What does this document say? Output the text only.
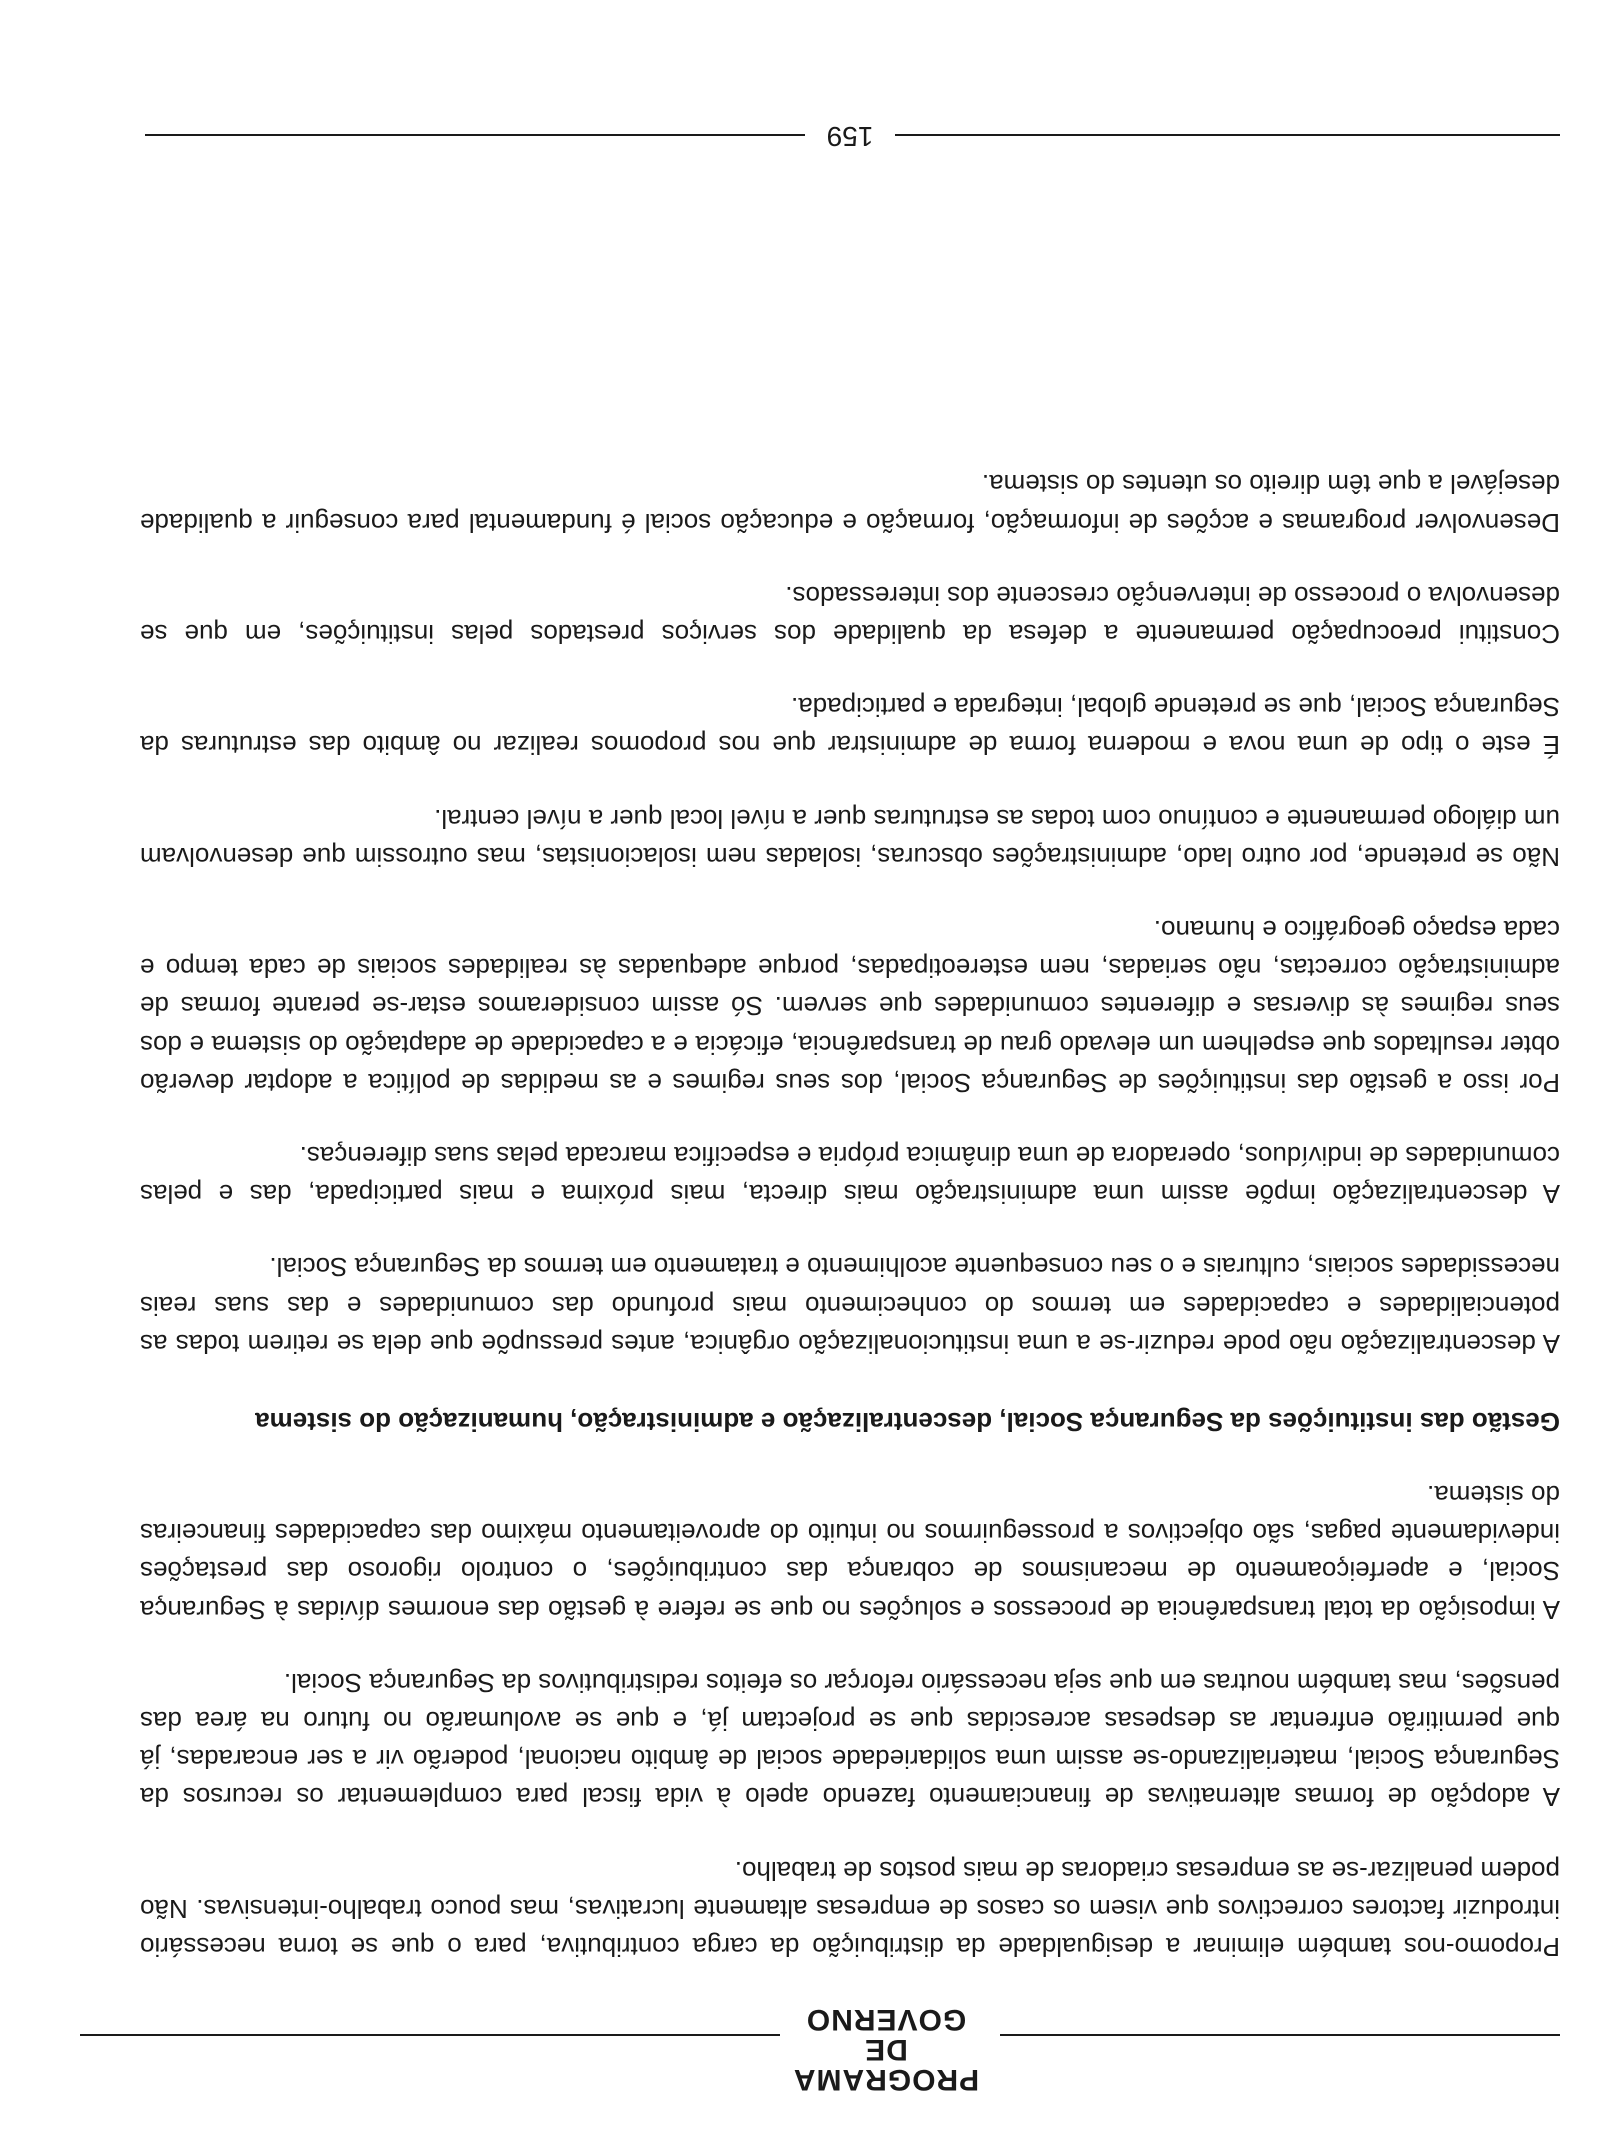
PROGRAMA
DE GOVERNO

Propomo-nos também eliminar a desigualdade da distribuição da carga contributiva, para o que se torna necessário introduzir factores correctivos que visem os casos de empresas altamente lucrativas, mas pouco trabalho-intensivas. Não podem penalizar-se as empresas criadoras de mais postos de trabalho.

A adopção de formas alternativas de financiamento fazendo apelo à vida fiscal para complementar os recursos da Segurança Social, materializando-se assim uma solidariedade social de âmbito nacional, poderão vir a ser encaradas, já que permitirão enfrentar as despesas acrescidas que se projectam já, e que se avolumarão no futuro na área das pensões, mas também noutras em que seja necessário reforçar os efeitos redistributivos da Segurança Social.

A imposição da total transparência de processos e soluções no que se refere à gestão das enormes dívidas à Segurança Social, e aperfeiçoamento de mecanismos de cobrança das contribuições, o controlo rigoroso das prestações indevidamente pagas, são objectivos a prosseguirmos no intuito do aproveitamento máximo das capacidades financeiras do sistema.

Gestão das instituições da Segurança Social, descentralização e administração, humanização do sistema

A descentralização não pode reduzir-se a uma institucionalização orgânica, antes pressupõe que dela se retirem todas as potencialidades e capacidades em termos do conhecimento mais profundo das comunidades e das suas reais necessidades sociais, culturais e o seu consequente acolhimento e tratamento em termos da Segurança Social.

A descentralização impõe assim uma administração mais directa, mais próxima e mais participada, das e pelas comunidades de indivíduos, operadora de uma dinâmica própria e especifica marcada pelas suas diferenças.

Por isso a gestão das instituições de Segurança Social, dos seus regimes e as medidas de política a adoptar deverão obter resultados que espelhem um elevado grau de transparência, eficácia e a capacidade de adaptação do sistema e dos seus regimes às diversas e diferentes comunidades que servem. Só assim consideramos estar-se perante formas de administração correctas, não seriadas, nem estereotipadas, porque adequadas às realidades sociais de cada tempo e cada espaço geográfico e humano.

Não se pretende, por outro lado, administrações obscuras, isoladas nem isolacionistas, mas outrossim que desenvolvam um diálogo permanente e contínuo com todas as estruturas quer a nível local quer a nível central.

É este o tipo de uma nova e moderna forma de administrar que nos propomos realizar no âmbito das estruturas da Segurança Social, que se pretende global, integrada e participada.

Constitui preocupação permanente a defesa da qualidade dos serviços prestados pelas instituições, em que se desenvolva o processo de intervenção crescente dos interessados.

Desenvolver programas e acções de informação, formação e educação social é fundamental para conseguir a qualidade desejável a que têm direito os utentes do sistema.

159
